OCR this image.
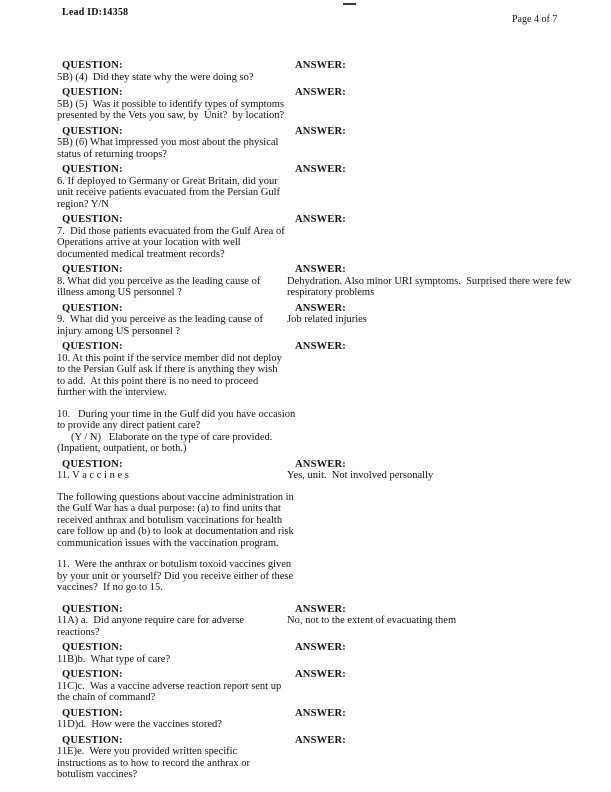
Lead ID:14358
Page 4 of 7
QUESTION:
5B) (4)  Did they state why the were doing so?
ANSWER:
QUESTION:
5B) (5)  Was it possible to identify types of symptoms presented by the Vets you saw, by  Unit?  by location?
ANSWER:
QUESTION:
5B) (6) What impressed you most about the physical status of returning troops?
ANSWER:
QUESTION:
6. If deployed to Germany or Great Britain, did your unit receive patients evacuated from the Persian Gulf region? Y/N
ANSWER:
QUESTION:
7.  Did those patients evacuated from the Gulf Area of Operations arrive at your location with well documented medical treatment records?
ANSWER:
QUESTION:
8. What did you perceive as the leading cause of illness among US personnel ?
ANSWER:
Dehydration. Also minor URI symptoms.  Surprised there were few respiratory problems
QUESTION:
9.  What did you perceive as the leading cause of injury among US personnel ?
ANSWER:
Job related injuries
QUESTION:
10. At this point if the service member did not deploy to the Persian Gulf ask if there is anything they wish to add.  At this point there is no need to proceed further with the interview.
ANSWER:
10.   During your time in the Gulf did you have occasion to provide any direct patient care?
(Y / N)   Elaborate on the type of care provided.
(Inpatient, outpatient, or both.)
QUESTION:
11. V a c c i n e s
ANSWER:
Yes, unit.  Not involved personally
The following questions about vaccine administration in the Gulf War has a dual purpose: (a) to find units that received anthrax and botulism vaccinations for health care follow up and (b) to look at documentation and risk communication issues with the vaccination program.
11.  Were the anthrax or botulism toxoid vaccines given by your unit or yourself? Did you receive either of these vaccines?  If no go to 15.
QUESTION:
11A) a.  Did anyone require care for adverse reactions?
ANSWER:
No, not to the extent of evacuating them
QUESTION:
11B)b.  What type of care?
ANSWER:
QUESTION:
11C)c.  Was a vaccine adverse reaction report sent up the chain of command?
ANSWER:
QUESTION:
11D)d.  How were the vaccines stored?
ANSWER:
QUESTION:
11E)e.  Were you provided written specific instructions as to how to record the anthrax or botulism vaccines?
ANSWER:
